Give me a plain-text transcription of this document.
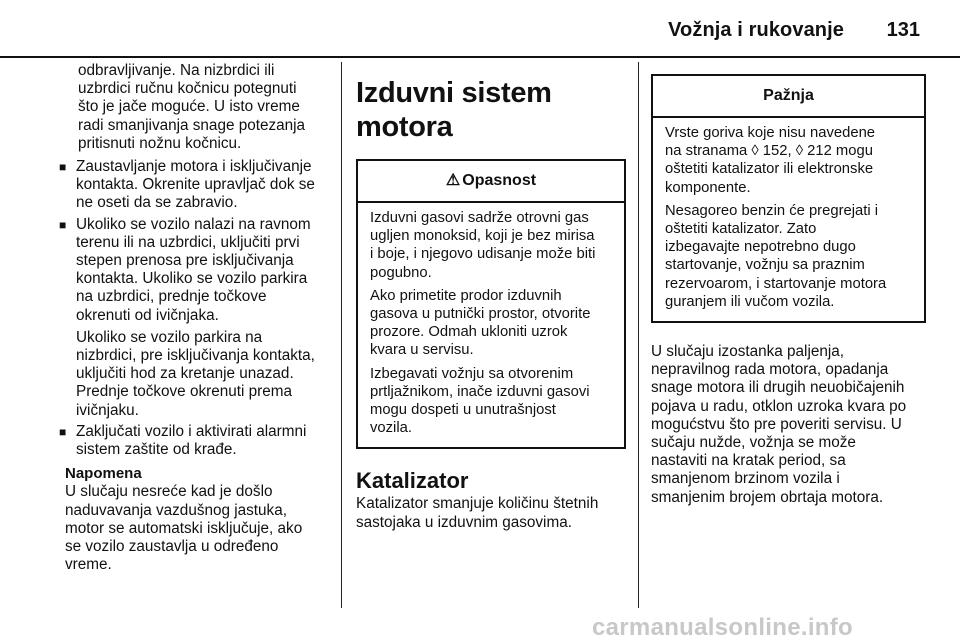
Vožnja i rukovanje 131
odbravljivanje. Na nizbrdici ili
uzbrdici ručnu kočnicu potegnuti
što je jače moguće. U isto vreme
radi smanjivanja snage potezanja
pritisnuti nožnu kočnicu.
■ Zaustavljanje motora i isključivanje
kontakta. Okrenite upravljač dok se
ne oseti da se zabravio.
■ Ukoliko se vozilo nalazi na ravnom
terenu ili na uzbrdici, uključiti prvi
stepen prenosa pre isključivanja
kontakta. Ukoliko se vozilo parkira
na uzbrdici, prednje točkove
okrenuti od ivičnjaka.
Ukoliko se vozilo parkira na
nizbrdici, pre isključivanja kontakta,
uključiti hod za kretanje unazad.
Prednje točkove okrenuti prema
ivičnjaku.
■ Zaključati vozilo i aktivirati alarmni
sistem zaštite od krađe.
Napomena
U slučaju nesreće kad je došlo
naduvavanja vazdušnog jastuka,
motor se automatski isključuje, ako
se vozilo zaustavlja u određeno
vreme.
Izduvni sistem motora
⚠ Opasnost

Izduvni gasovi sadrže otrovni gas
ugljen monoksid, koji je bez mirisa
i boje, i njegovo udisanje može biti
pogubno.

Ako primetite prodor izduvnih
gasova u putnički prostor, otvorite
prozore. Odmah ukloniti uzrok
kvara u servisu.

Izbegavati vožnju sa otvorenim
prtljažnikom, inače izduvni gasovi
mogu dospeti u unutrašnjost
vozila.

Katalizator
Katalizator smanjuje količinu štetnih
sastojaka u izduvnim gasovima.
Pažnja

Vrste goriva koje nisu navedene
na stranama ◊ 152, ◊ 212 mogu
oštetiti katalizator ili elektronske
komponente.

Nesagoreo benzin će pregrejati i
oštetiti katalizator. Zato
izbegavajte nepotrebno dugo
startovanje, vožnju sa praznim
rezervoarom, i startovanje motora
guranjem ili vučom vozila.

U slučaju izostanka paljenja,
nepravilnog rada motora, opadanja
snage motora ili drugih neuobičajenih
pojava u radu, otklon uzroka kvara po
mogućstvu što pre poveriti servisu. U
sučaju nužde, vožnja se može
nastaviti na kratak period, sa
smanjenom brzinom vozila i
smanjenim brojem obrtaja motora.
carmanualsonline.info
